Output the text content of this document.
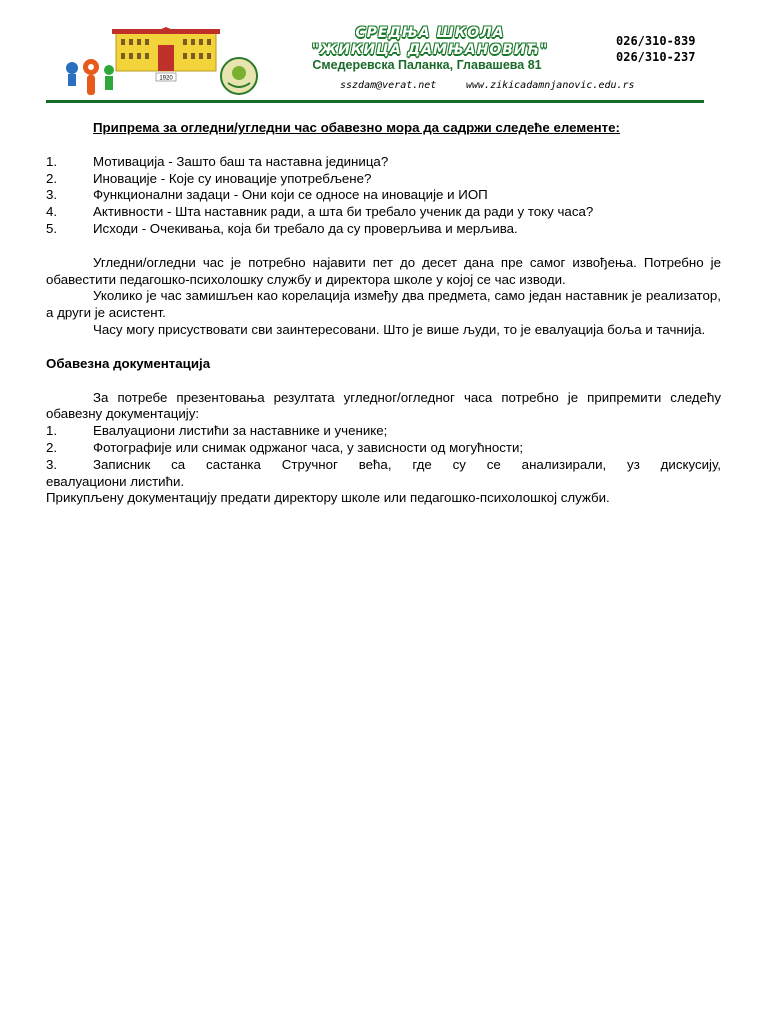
1920
СРЕДЊА ШКОЛА
"ЖИКИЦА ДАМЊАНОВИЋ"
Смедеревска Паланка, Главашева 81
sszdam@verat.net	www.zikicadamnjanovic.edu.rs
026/310-839
026/310-237

Припрема за огледни/угледни час обавезно мора да садржи следеће елементе:

1.	Мотивација - Зашто баш та наставна јединица?
2.	Иновације - Које су иновације употребљене?
3.	Функционални задаци - Они који се односе на иновације и ИОП
4.	Активности - Шта наставник ради, а шта би требало ученик да ради у току часа?
5.	Исходи - Очекивања, која би требало да су проверљива и мерљива.

Угледни/огледни час је потребно најавити пет до десет дана пре самог извођења. Потребно је обавестити педагошко-психолошку службу и директора школе у којој се час изводи.

Уколико је час замишљен као корелација између два предмета, само један наставник је реализатор, а други је асистент.

Часу могу присуствовати сви заинтересовани. Што је више људи, то је евалуација боља и тачнија.

Обавезна документација

За потребе презентовања резултата угледног/огледног часа потребно је припремити следећу обавезну документацију:

1.	Евалуациони листићи за наставнике и ученике;
2.	Фотографије или снимак одржаног часа, у зависности од могућности;
3.	Записник са састанка Стручног већа, где су се анализирали, уз дискусију,

евалуациони листићи.

Прикупљену документацију предати директору школе или педагошко-психолошкој служби.
